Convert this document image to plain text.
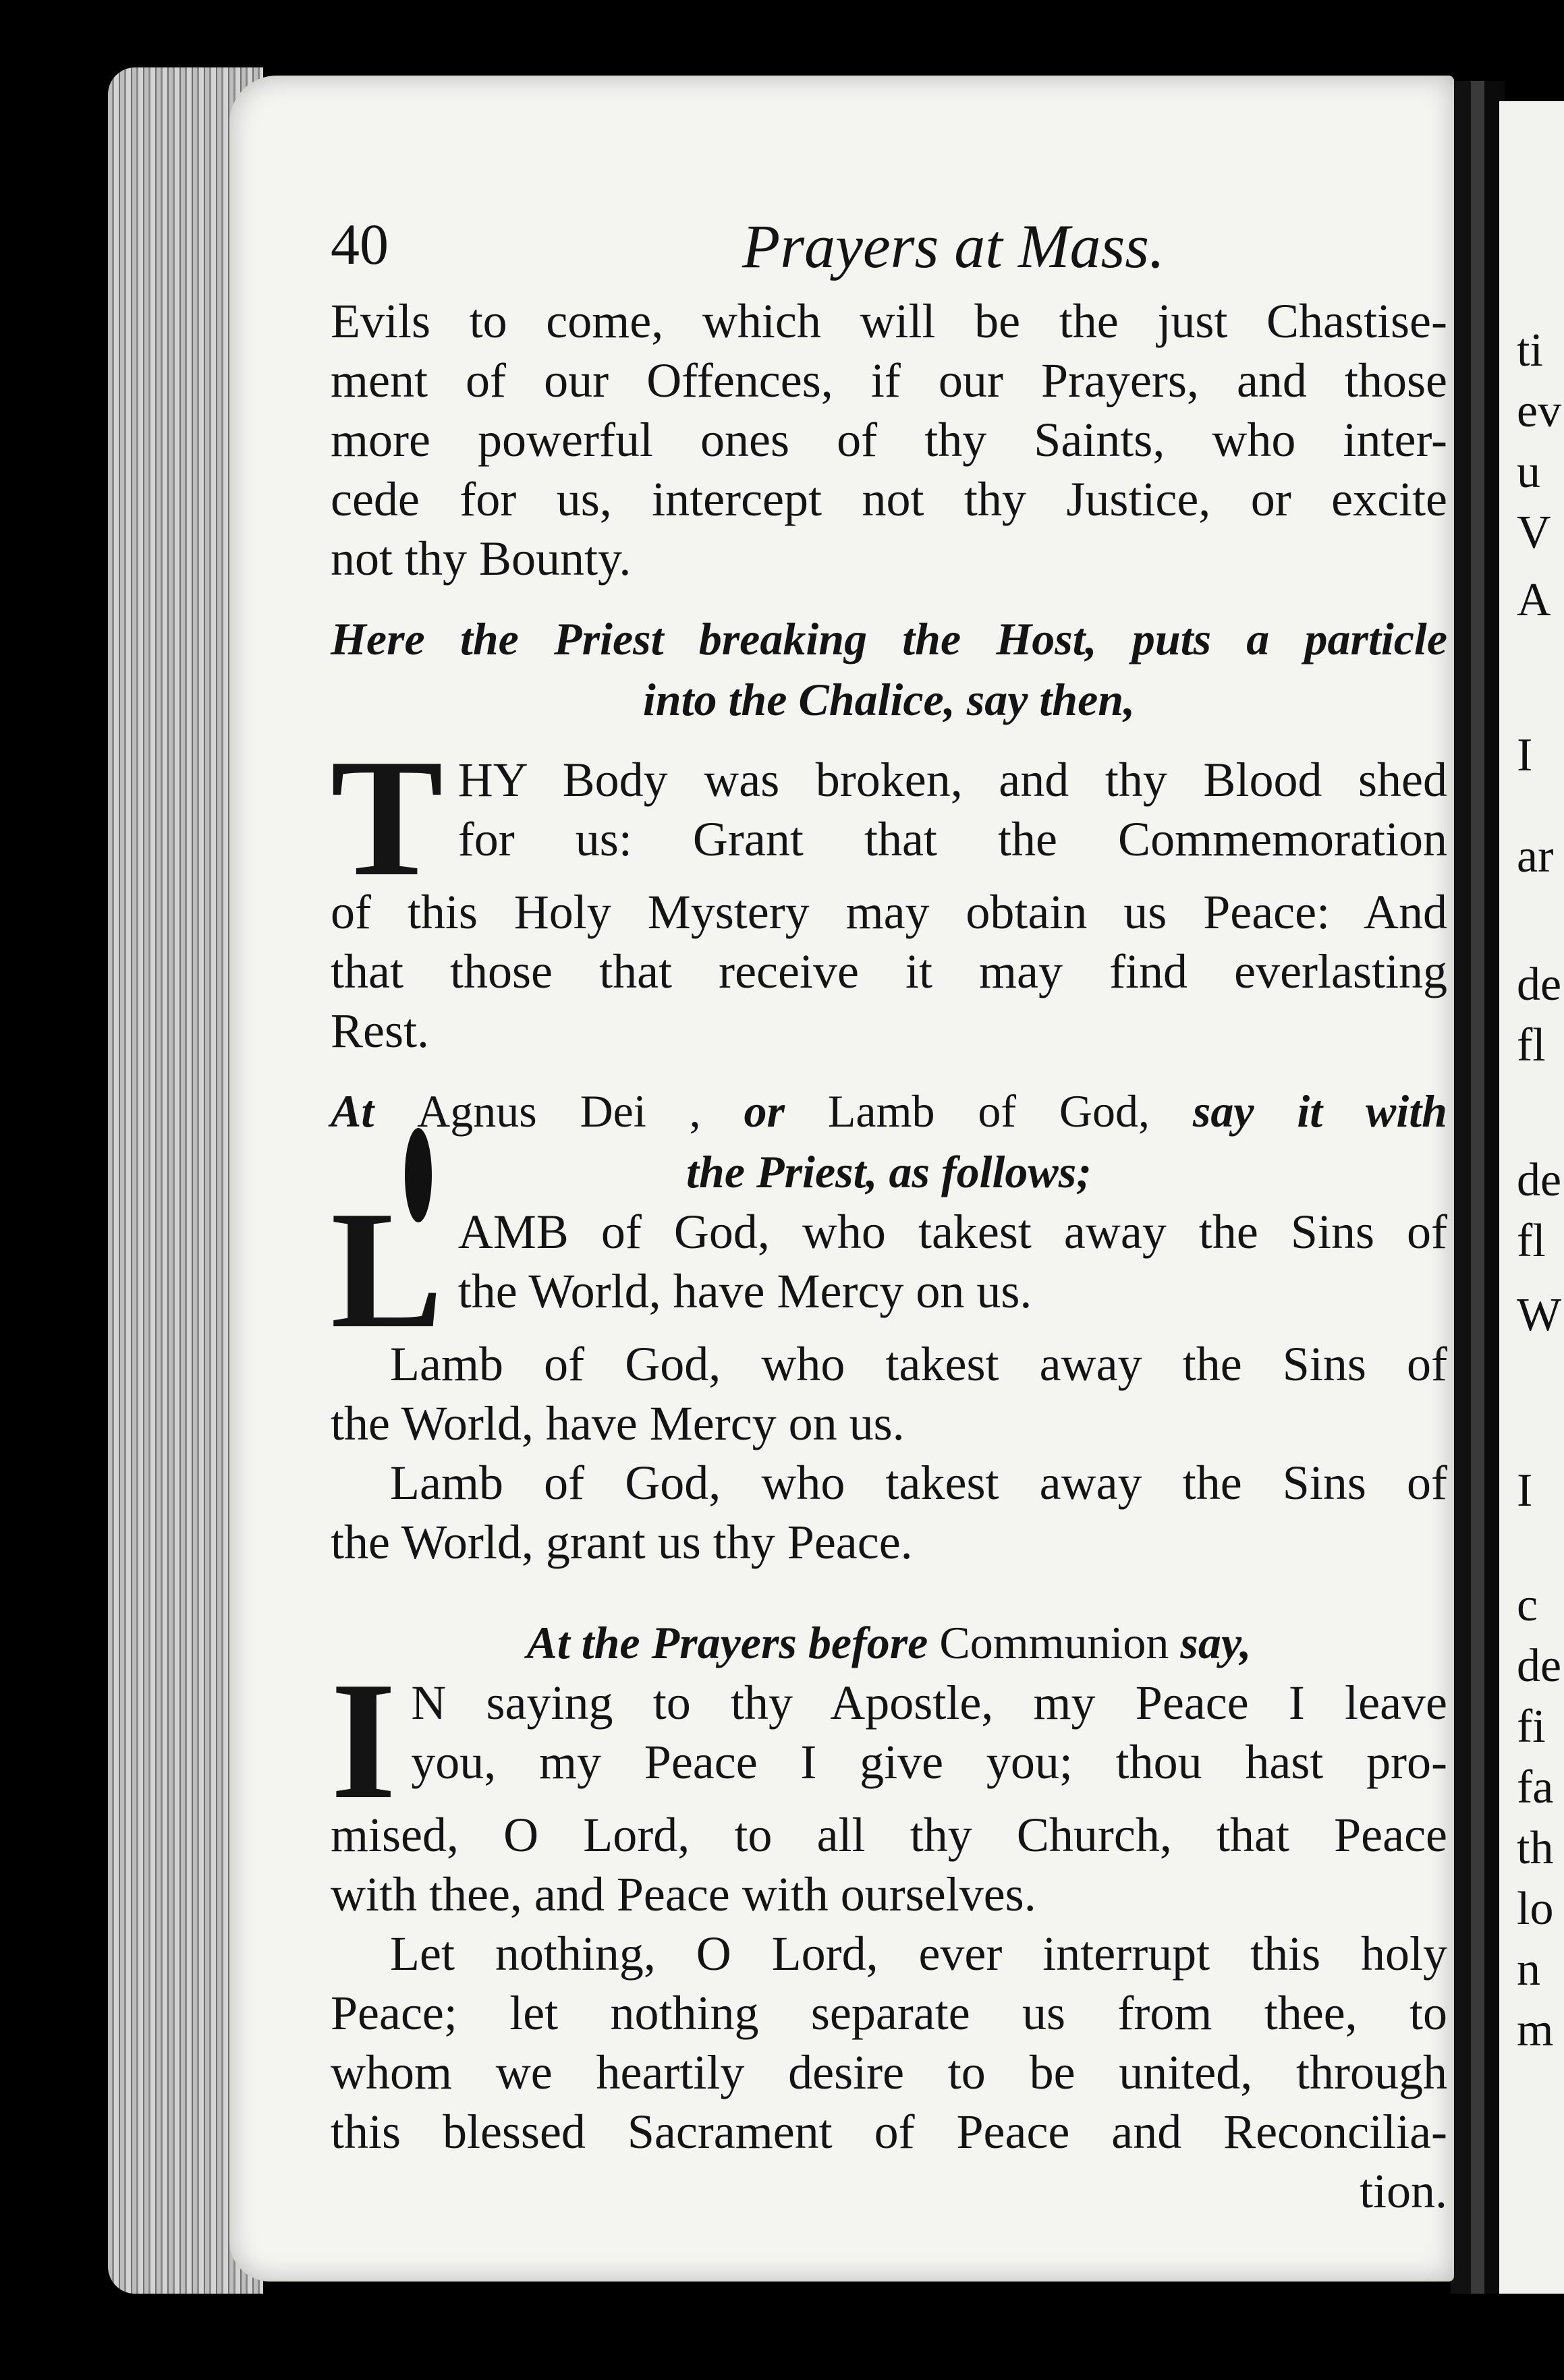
ti
ev
u
V
A
I
ar
de
fl
de
fl
W
I
c
de
fi
fa
th
lo
n
m
40	Prayers at Mass.
Evils to come, which will be the just Chastise-
ment of our Offences, if our Prayers, and those
more powerful ones of thy Saints, who inter-
cede for us, intercept not thy Justice, or excite
not thy Bounty.
Here the Priest breaking the Host, puts a particle
into the Chalice, say then,
T HY Body was broken, and thy Blood shed
for us: Grant that the Commemoration
of this Holy Mystery may obtain us Peace: And
that those that receive it may find everlasting
Rest.
At Agnus Dei , or Lamb of God, say it with
the Priest, as follows;
L AMB of God, who takest away the Sins of
the World, have Mercy on us.
Lamb of God, who takest away the Sins of
the World, have Mercy on us.
Lamb of God, who takest away the Sins of
the World, grant us thy Peace.
At the Prayers before Communion say,
I N saying to thy Apostle, my Peace I leave
you, my Peace I give you; thou hast pro-
mised, O Lord, to all thy Church, that Peace
with thee, and Peace with ourselves.
Let nothing, O Lord, ever interrupt this holy
Peace; let nothing separate us from thee, to
whom we heartily desire to be united, through
this blessed Sacrament of Peace and Reconcilia-
tion.
